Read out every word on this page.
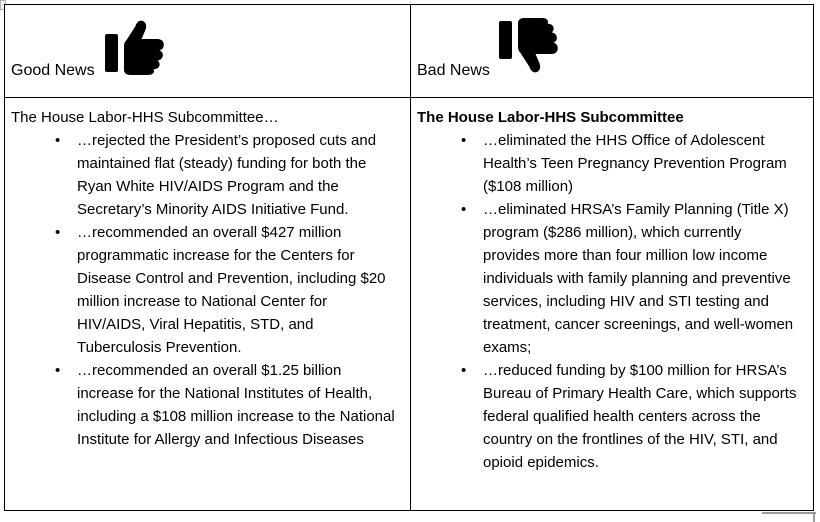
Good News
The House Labor-HHS Subcommittee…
• …rejected the President’s proposed cuts and maintained flat (steady) funding for both the Ryan White HIV/AIDS Program and the Secretary’s Minority AIDS Initiative Fund.
• …recommended an overall $427 million programmatic increase for the Centers for Disease Control and Prevention, including $20 million increase to National Center for HIV/AIDS, Viral Hepatitis, STD, and Tuberculosis Prevention.
• …recommended an overall $1.25 billion increase for the National Institutes of Health, including a $108 million increase to the National Institute for Allergy and Infectious Diseases
Bad News
The House Labor-HHS Subcommittee
• …eliminated the HHS Office of Adolescent Health’s Teen Pregnancy Prevention Program ($108 million)
• …eliminated HRSA’s Family Planning (Title X) program ($286 million), which currently provides more than four million low income individuals with family planning and preventive services, including HIV and STI testing and treatment, cancer screenings, and well-women exams;
• …reduced funding by $100 million for HRSA’s Bureau of Primary Health Care, which supports federal qualified health centers across the country on the frontlines of the HIV, STI, and opioid epidemics.
